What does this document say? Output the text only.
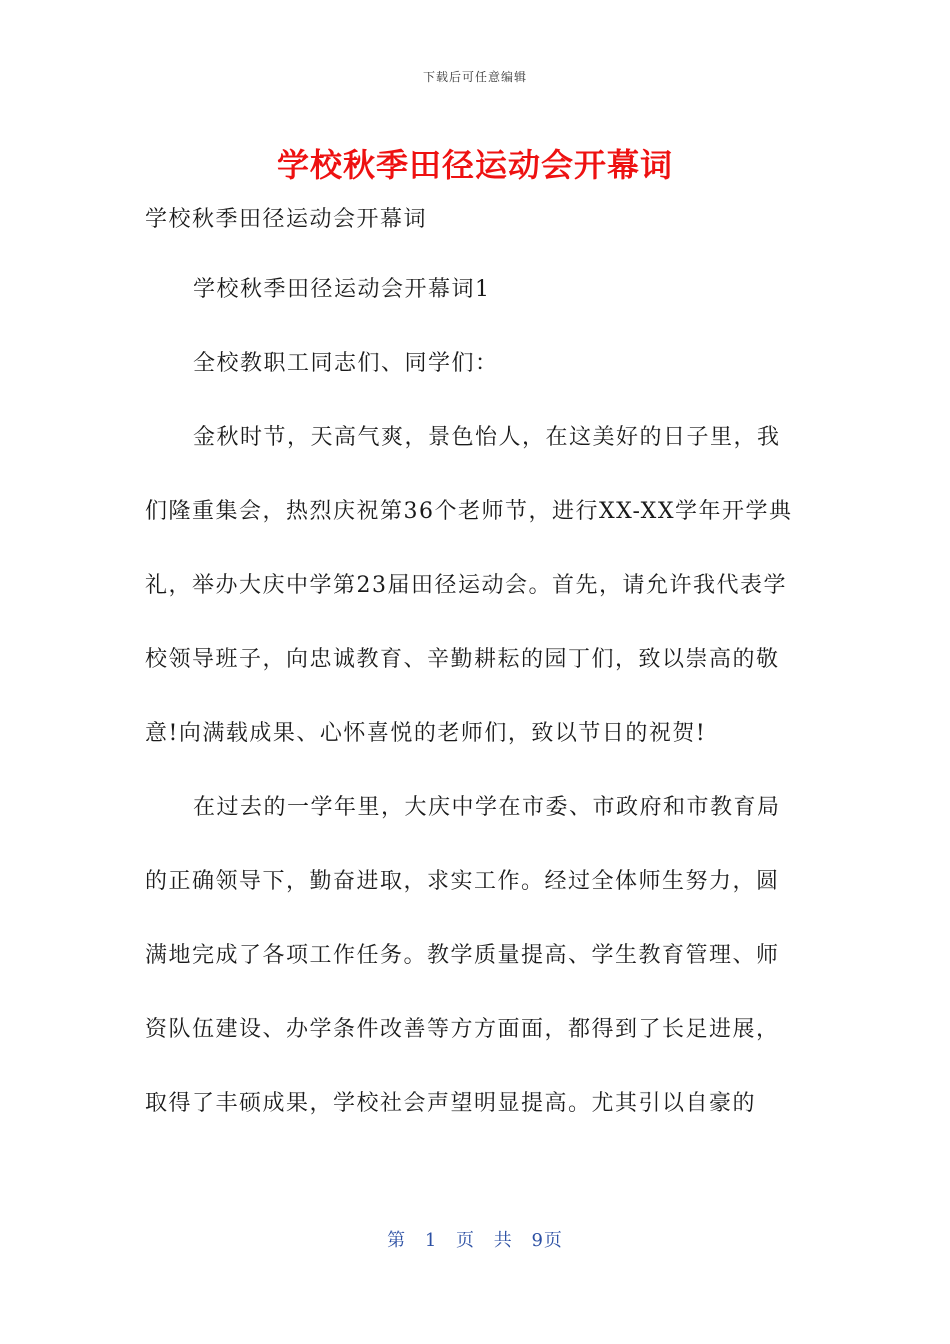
下载后可任意编辑
学校秋季田径运动会开幕词
学校秋季田径运动会开幕词
学校秋季田径运动会开幕词1
全校教职工同志们、同学们：
金秋时节，天高气爽，景色怡人，在这美好的日子里，我
们隆重集会，热烈庆祝第36个老师节，进行XX-XX学年开学典
礼，举办大庆中学第23届田径运动会。首先，请允许我代表学
校领导班子，向忠诚教育、辛勤耕耘的园丁们，致以崇高的敬
意!向满载成果、心怀喜悦的老师们，致以节日的祝贺!
在过去的一学年里，大庆中学在市委、市政府和市教育局
的正确领导下，勤奋进取，求实工作。经过全体师生努力，圆
满地完成了各项工作任务。教学质量提高、学生教育管理、师
资队伍建设、办学条件改善等方方面面，都得到了长足进展，
取得了丰硕成果，学校社会声望明显提高。尤其引以自豪的
第 1 页 共 9页
